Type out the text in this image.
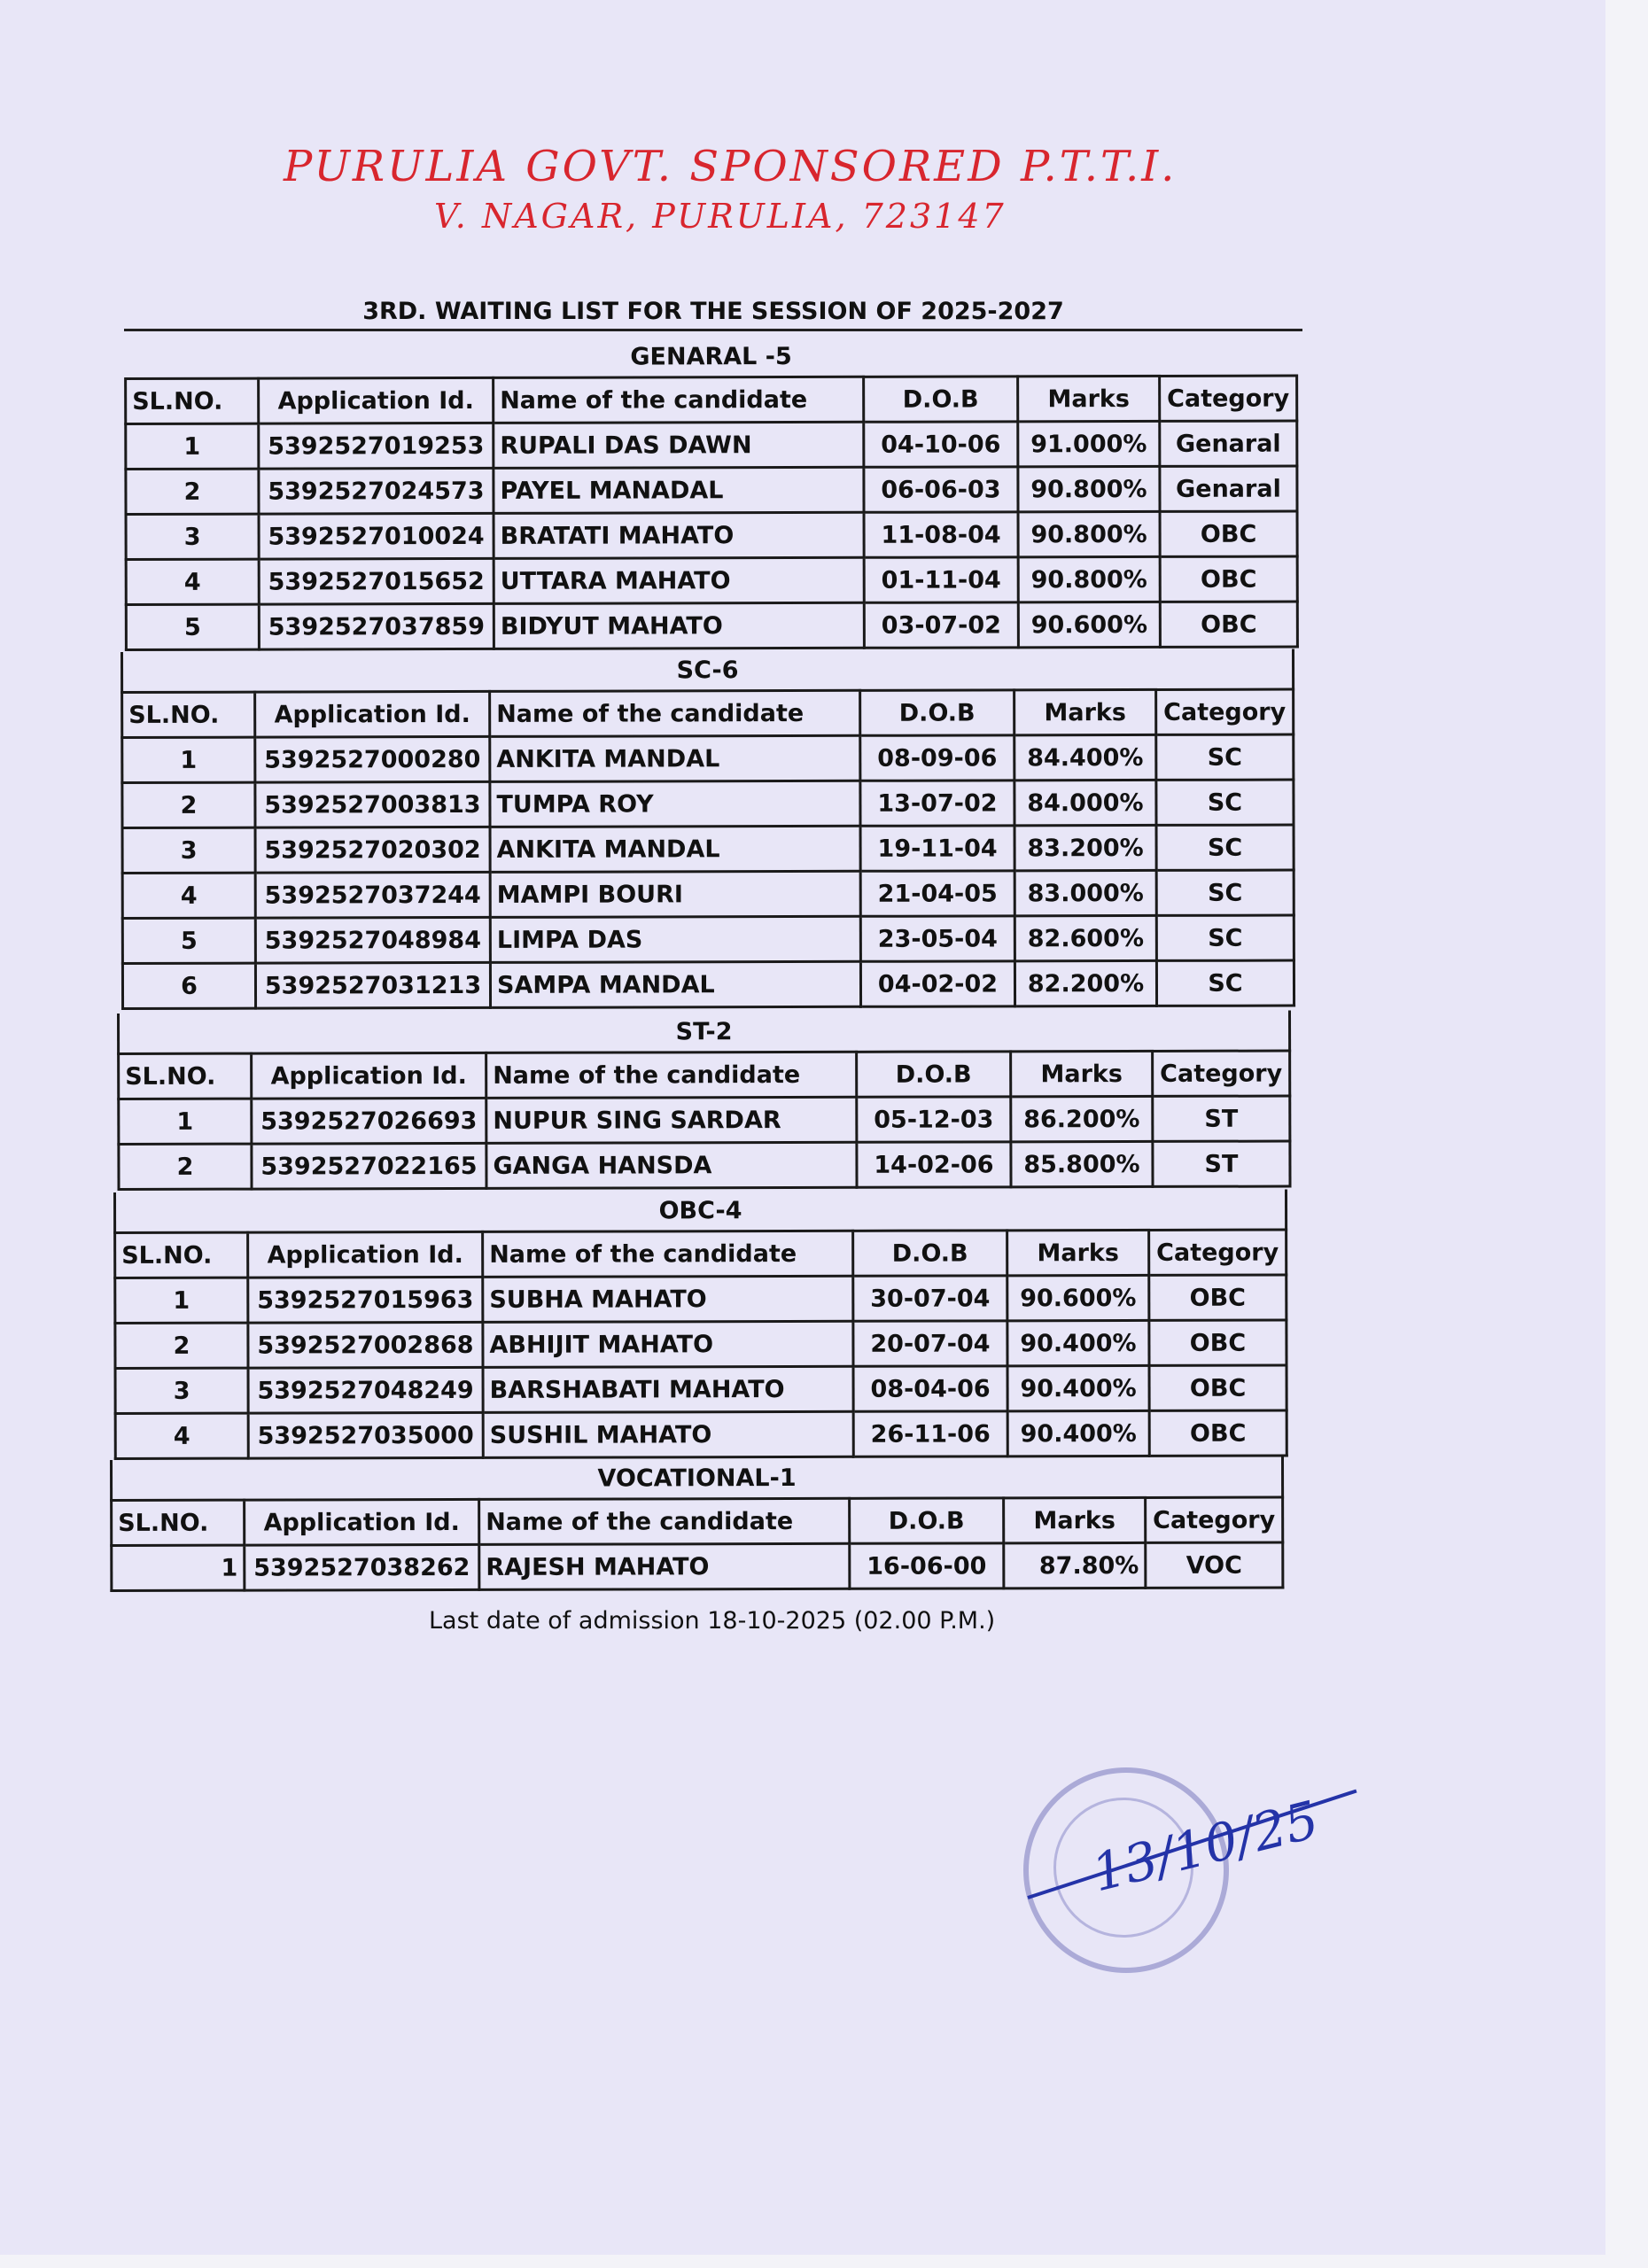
PURULIA GOVT. SPONSORED P.T.T.I.
V. NAGAR, PURULIA, 723147
3RD. WAITING LIST FOR THE SESSION OF 2025-2027
GENARAL -5					
SL.NO.	Application Id.	Name of the candidate	D.O.B	Marks	Category
1	5392527019253	RUPALI DAS DAWN	04-10-06	91.000%	Genaral
2	5392527024573	PAYEL MANADAL	06-06-03	90.800%	Genaral
3	5392527010024	BRATATI MAHATO	11-08-04	90.800%	OBC
4	5392527015652	UTTARA MAHATO	01-11-04	90.800%	OBC
5	5392527037859	BIDYUT MAHATO	03-07-02	90.600%	OBC
SC-6					
SL.NO.	Application Id.	Name of the candidate	D.O.B	Marks	Category
1	5392527000280	ANKITA MANDAL	08-09-06	84.400%	SC
2	5392527003813	TUMPA ROY	13-07-02	84.000%	SC
3	5392527020302	ANKITA MANDAL	19-11-04	83.200%	SC
4	5392527037244	MAMPI BOURI	21-04-05	83.000%	SC
5	5392527048984	LIMPA DAS	23-05-04	82.600%	SC
6	5392527031213	SAMPA MANDAL	04-02-02	82.200%	SC
ST-2					
SL.NO.	Application Id.	Name of the candidate	D.O.B	Marks	Category
1	5392527026693	NUPUR SING SARDAR	05-12-03	86.200%	ST
2	5392527022165	GANGA HANSDA	14-02-06	85.800%	ST
OBC-4					
SL.NO.	Application Id.	Name of the candidate	D.O.B	Marks	Category
1	5392527015963	SUBHA MAHATO	30-07-04	90.600%	OBC
2	5392527002868	ABHIJIT MAHATO	20-07-04	90.400%	OBC
3	5392527048249	BARSHABATI MAHATO	08-04-06	90.400%	OBC
4	5392527035000	SUSHIL MAHATO	26-11-06	90.400%	OBC
VOCATIONAL-1					
SL.NO.	Application Id.	Name of the candidate	D.O.B	Marks	Category
1	5392527038262	RAJESH MAHATO	16-06-00	87.80%	VOC
Last date of admission 18-10-2025 (02.00 P.M.)
13/10/25
